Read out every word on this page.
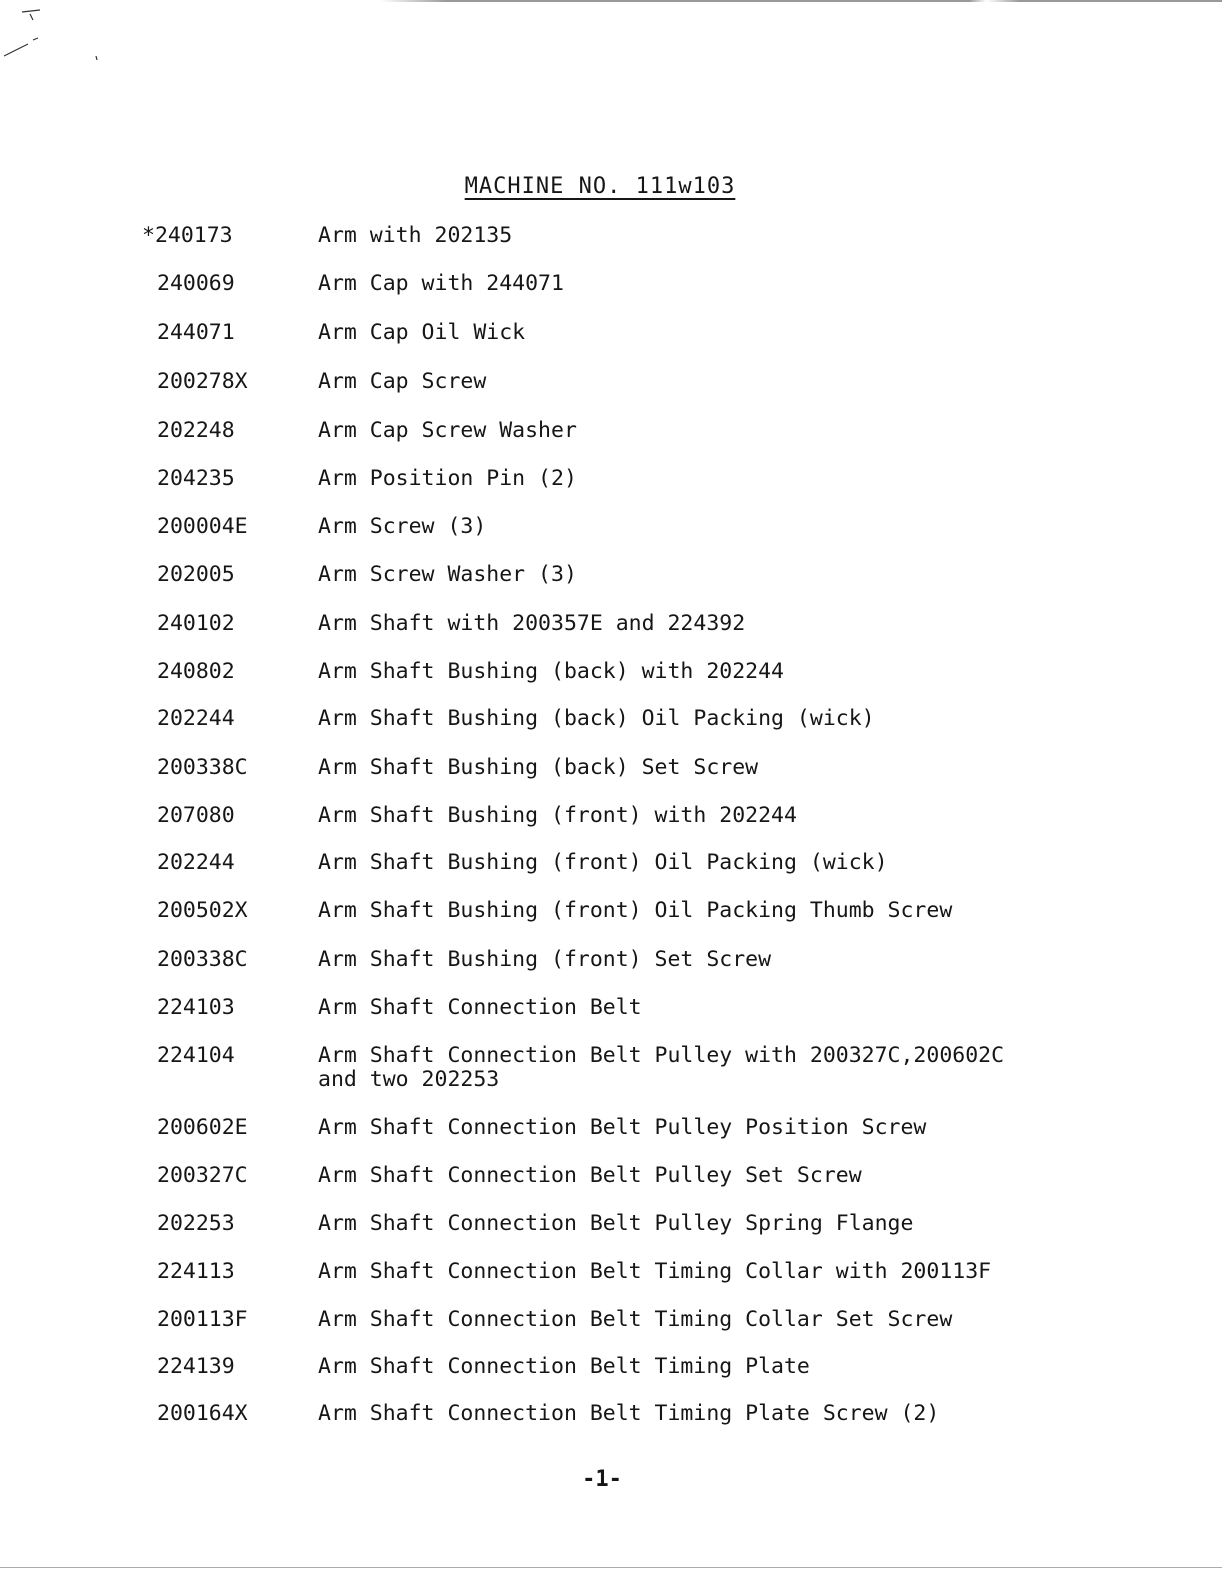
MACHINE NO. 111w103
*240173	Arm with 202135
240069	Arm Cap with 244071
244071	Arm Cap Oil Wick
200278X	Arm Cap Screw
202248	Arm Cap Screw Washer
204235	Arm Position Pin (2)
200004E	Arm Screw (3)
202005	Arm Screw Washer (3)
240102	Arm Shaft with 200357E and 224392
240802	Arm Shaft Bushing (back) with 202244
202244	Arm Shaft Bushing (back) Oil Packing (wick)
200338C	Arm Shaft Bushing (back) Set Screw
207080	Arm Shaft Bushing (front) with 202244
202244	Arm Shaft Bushing (front) Oil Packing (wick)
200502X	Arm Shaft Bushing (front) Oil Packing Thumb Screw
200338C	Arm Shaft Bushing (front) Set Screw
224103	Arm Shaft Connection Belt
224104	Arm Shaft Connection Belt Pulley with 200327C,200602C
and two 202253
200602E	Arm Shaft Connection Belt Pulley Position Screw
200327C	Arm Shaft Connection Belt Pulley Set Screw
202253	Arm Shaft Connection Belt Pulley Spring Flange
224113	Arm Shaft Connection Belt Timing Collar with 200113F
200113F	Arm Shaft Connection Belt Timing Collar Set Screw
224139	Arm Shaft Connection Belt Timing Plate
200164X	Arm Shaft Connection Belt Timing Plate Screw (2)
-1-
